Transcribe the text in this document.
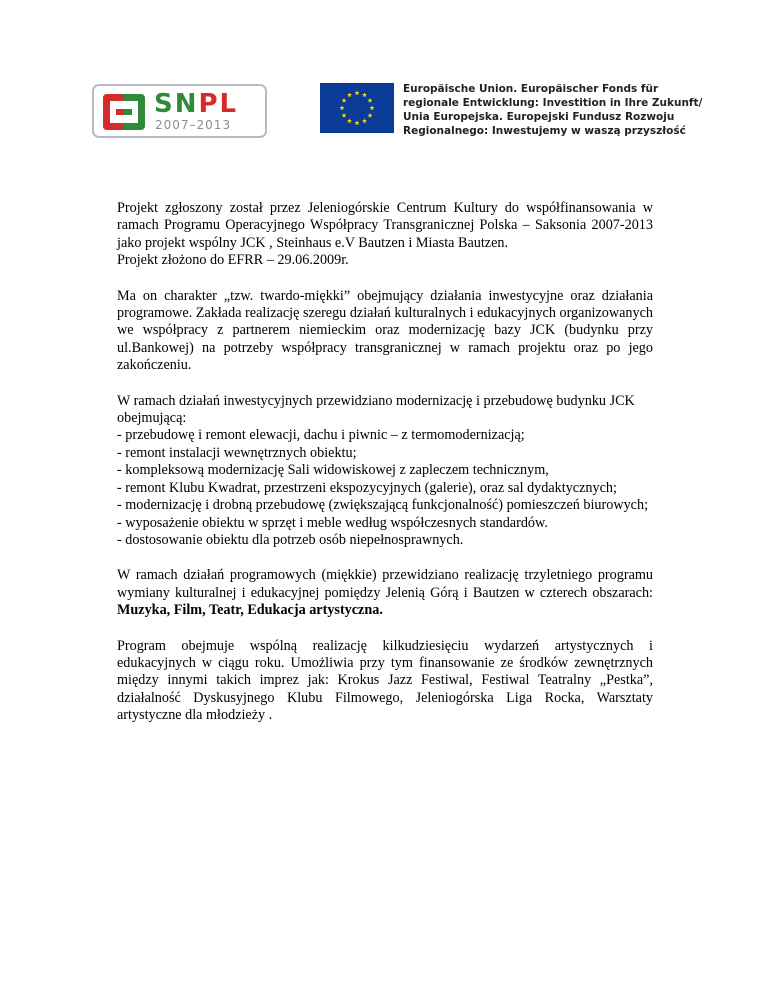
SNPL
2007–2013
Europäische Union. Europäischer Fonds für
regionale Entwicklung: Investition in Ihre Zukunft/
Unia Europejska. Europejski Fundusz Rozwoju
Regionalnego: Inwestujemy w waszą przyszłość

Projekt zgłoszony został przez Jeleniogórskie Centrum Kultury do współfinansowania w
ramach Programu Operacyjnego Współpracy Transgranicznej Polska – Saksonia 2007-2013
jako projekt wspólny JCK , Steinhaus e.V Bautzen i Miasta Bautzen.
Projekt złożono do EFRR – 29.06.2009r.

Ma on charakter „tzw. twardo-miękki” obejmujący działania inwestycyjne oraz działania
programowe. Zakłada realizację szeregu działań kulturalnych i edukacyjnych organizowanych
we współpracy z partnerem niemieckim oraz modernizację bazy JCK (budynku przy
ul.Bankowej) na potrzeby współpracy transgranicznej w ramach projektu oraz po jego
zakończeniu.

W ramach działań inwestycyjnych przewidziano modernizację i przebudowę budynku JCK
obejmującą:
- przebudowę i remont elewacji, dachu i piwnic – z termomodernizacją;
- remont instalacji wewnętrznych obiektu;
- kompleksową modernizację Sali widowiskowej z zapleczem technicznym,
- remont Klubu Kwadrat, przestrzeni ekspozycyjnych (galerie), oraz sal dydaktycznych;
- modernizację i drobną przebudowę (zwiększającą funkcjonalność) pomieszczeń biurowych;
- wyposażenie obiektu w sprzęt i meble według współczesnych standardów.
- dostosowanie obiektu dla potrzeb osób niepełnosprawnych.

W ramach działań programowych (miękkie) przewidziano realizację trzyletniego programu
wymiany kulturalnej i edukacyjnej pomiędzy Jelenią Górą i Bautzen w czterech obszarach:
Muzyka, Film, Teatr, Edukacja artystyczna.

Program obejmuje wspólną realizację kilkudziesięciu wydarzeń artystycznych i
edukacyjnych w ciągu roku. Umożliwia przy tym finansowanie ze środków zewnętrznych
między innymi takich imprez jak: Krokus Jazz Festiwal, Festiwal Teatralny „Pestka”,
działalność Dyskusyjnego Klubu Filmowego, Jeleniogórska Liga Rocka, Warsztaty
artystyczne dla młodzieży .
